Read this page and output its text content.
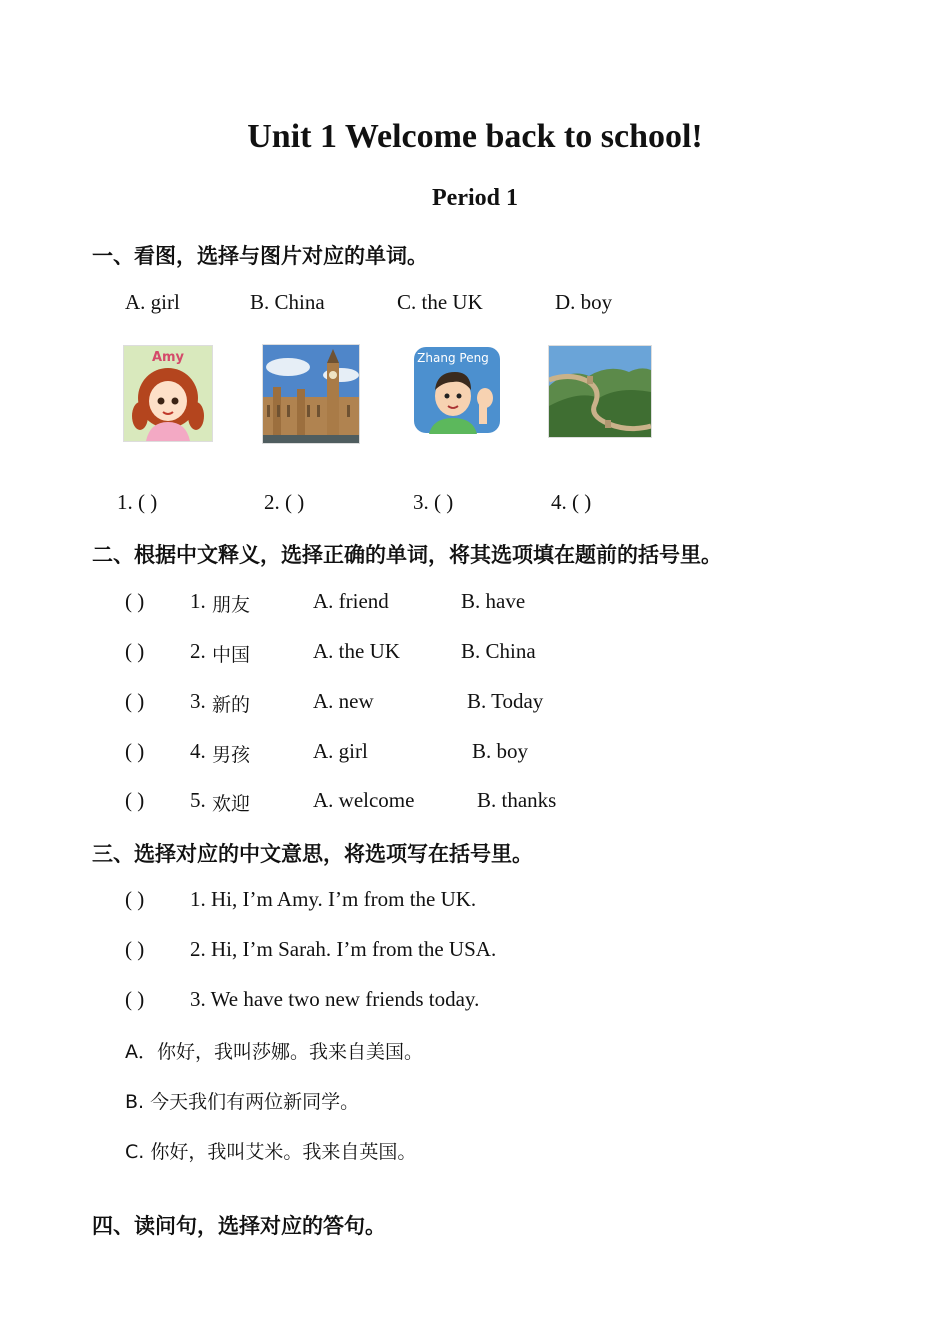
Unit 1 Welcome back to school!
Period 1
一、看图，选择与图片对应的单词。
A. girl	B. China	C. the UK	D. boy
Amy	Zhang Peng
1. ( )	2. ( )	3. ( )	4. ( )
二、根据中文释义，选择正确的单词，将其选项填在题前的括号里。
( ) 1. 朋友	A. friend	B. have
( ) 2. 中国	A. the UK	B. China
( ) 3. 新的	A. new	B. Today
( ) 4. 男孩	A. girl	B. boy
( ) 5. 欢迎	A. welcome	B. thanks
三、选择对应的中文意思，将选项写在括号里。
( ) 1. Hi, I’m Amy. I’m from the UK.
( ) 2. Hi, I’m Sarah. I’m from the USA.
( ) 3. We have two new friends today.
A．你好，我叫莎娜。我来自美国。
B. 今天我们有两位新同学。
C. 你好，我叫艾米。我来自英国。
四、读问句，选择对应的答句。
